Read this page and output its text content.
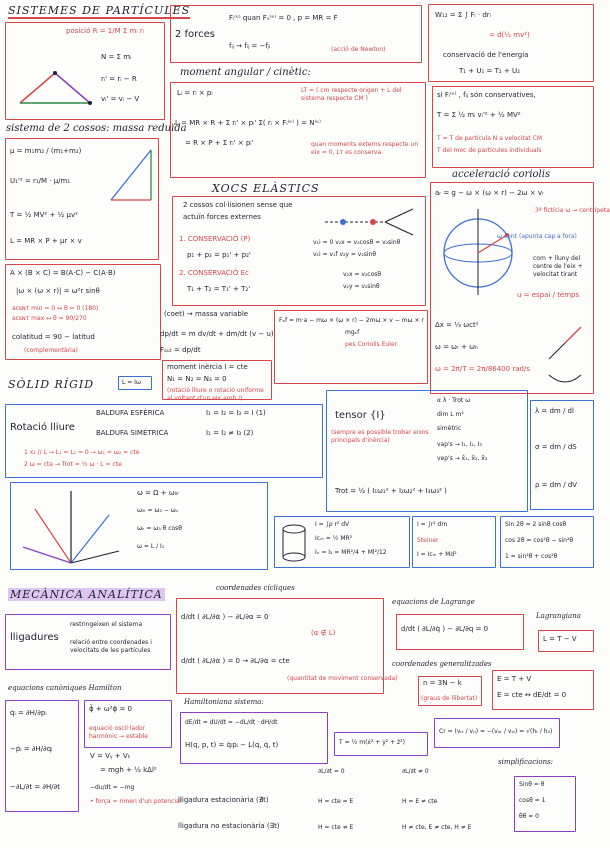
SISTEMES DE PARTÍCULES
posició R = 1/M Σ mᵢ rᵢ
N = Σ mᵢ
rᵢ' = rᵢ − R
vᵢ' = vᵢ − V
2 forces
Fᵢ⁽ᵉ⁾ quan Fₓ⁽ᵉ⁾ = 0 , p = MR = F
fᵢⱼ → fᵢⱼ = −fⱼᵢ	(acció de Newton)
W₁₂ = Σ ∫ Fᵢ · drᵢ
= d(½ mv²)
conservació de l'energia
T₁ + U₁ = T₂ + U₂
moment angular / cinètic:
Lᵢ = rᵢ × pᵢ	LT = ( cm respecte origen + L del sistema respecte CM )
L = MR × R + Σ rᵢ' × pᵢ' Σ( rᵢ × Fᵢ⁽ᵉ⁾ ) = N⁽ᵉ⁾
= R × P + Σ rᵢ' × pᵢ'	quan moments externs respecte un eix = 0, Lᴛ es conserva
si Fᵢ⁽ᵉ⁾ , fᵢⱼ són conservatives,
T = Σ ½ mᵢ vᵢ'² + ½ MV²
T = T de partícula N a velocitat CM
T del moc de partícules individuals
sistema de 2 cossos: massa reduïda
μ = m₁m₂ / (m₁+m₂)
U₁'² = r₁/M · μ/m₁
T = ½ MV² + ½ μv²
L = MR × P + μr × v
XOCS ELÀSTICS
2 cossos col·lisionen sense que
actuïn forces externes
1. CONSERVACIÓ (P)
p₁ + p₂ = p₁' + p₂'
2. CONSERVACIÓ Ec
T₁ + T₂ = T₁' + T₂'
v₁i = 0 v₂x = v₂cosθ = v₂sinθ
v₁i = v₁f v₂y = v₂sinθ
v₂x = v₂cosθ
v₂y = v₂sinθ
acceleració coriolis
aᵣ = g − ω × (ω × r) − 2ω × vᵣ
3ª fictícia ω → centrípeta
ω cent (apunta cap a fora)
com + lluny del centre de l'eix + velocitat tirant
u = espai / temps
Δx = ⅓ ωct²
ω = ωᵣ + ωₕ
ω = 2π/T = 2π/86400 rad/s
A × (B × C) = B(A·C) − C(A·B)
|ω × (ω × r)| = ω²r sinθ
aᴄᴇɴᴛ min = 0 ↔ θ = 0 (180)
aᴄᴇɴᴛ max ↔ θ = 90/270
colatitud = 90 − latitud
(complementària)
(coet) → massa variable
dp/dt = m dv/dt + dm/dt (v − u)
Fₒᵤₜ = dp/dt
Fₑf = m·a − mω × (ω × r) − 2mω × v − mω × r
mgₑf
pes Coriolis Euler
moment inèrcia I = cte
N₁ = N₂ = N₃ = 0
(rotació lliure o rotació uniforme al voltant d'un eix amb I)
SÒLID RÍGID	L = Iω
Rotació lliure
BALDUFA ESFÈRICA	I₁ = I₂ = I₃ = I (1)
BALDUFA SIMÈTRICA	I₁ = I₂ ≠ I₃ (2)
1 x₃ // L → L₁ = L₂ = 0 → ω₁ = ω₂ = cte
2 ω = cte → Trot = ½ ω · L = cte
tensor {I}
α λ · Trot ω
dim L m²
simètric
vap's → I₁, I₂, I₃
vep's → x̂₁, x̂₂, x̂₃
(sempre es possible trobar eixos principals d'inèrcia)
Trot = ½ ( I₁ω₁² + I₂ω₂² + I₃ω₃² )
λ = dm / dl
σ = dm / dS
ρ = dm / dV
ω = Ω + ωₗᵢᵣ
ωₗᵢᵣ = ω₃ − ωₓ
ωₕ = ω₃ θ cosθ
ω = L / I₁
I = ∫ρ r² dV
Icₘ = ½ MR²
Iₓ = I₃ = MR²/4 + Ml²/12
I = ∫r² dm
Steiner
I = Icₘ + Md²
Sin 2θ = 2 sinθ cosθ
cos 2θ = cos²θ − sin²θ
1 = sin²θ + cos²θ
MECÀNICA ANALÍTICA
lligadures
restringeixen el sistema
relació entre coordenades i velocitats de les partícules
coordenades cícliques
d/dt ( ∂L/∂α̇ ) − ∂L/∂α = 0
(α ∉ L)
d/dt ( ∂L/∂α̇ ) = 0 → ∂L/∂α̇ = cte
(quantitat de moviment conservada)
equacions de Lagrange
d/dt ( ∂L/∂q̇ ) − ∂L/∂q = 0
Lagrangiana
L = T − V
coordenades generalitzades
n = 3N − k
(graus de llibertat)
E = T + V
E = cte ↔ dE/dt = 0
equacions canòniques Hamilton
q̇ᵢ = ∂H/∂pᵢ
−ṗᵢ = ∂H/∂qᵢ
−∂L/∂t = ∂H/∂t
ϕ̈ + ω²ϕ = 0
equació oscil·lador harmònic → estable
V = Vᵧ + Vₖ
= mgh + ½ kΔl²
−du/dt = −mg
• força = rimen d'un potencial
Hamiltoniana sistema:
dE/dt = dU/dt = −dL/dt · dH/dt
H(q, p, t) = q̇ᵢpᵢ − L(q, q̇, t)	T = ½ m(ẋ² + ẏ² + ż²)
Cr = (vᵣₜ / vᵣᵢ) = −(vₒₜ / vₒᵢ) = √(hₜ / h₀)
∂L/∂t = 0	∂L/∂t ≠ 0
lligadura estacionària (∄t)	H = cte = E	H = E ≠ cte
lligadura no estacionària (∃t)	H = cte ≠ E	H ≠ cte, E ≠ cte, H ≠ E
simplificacions:
Sinθ = θ
cosθ = 1
θ̇θ = 0
